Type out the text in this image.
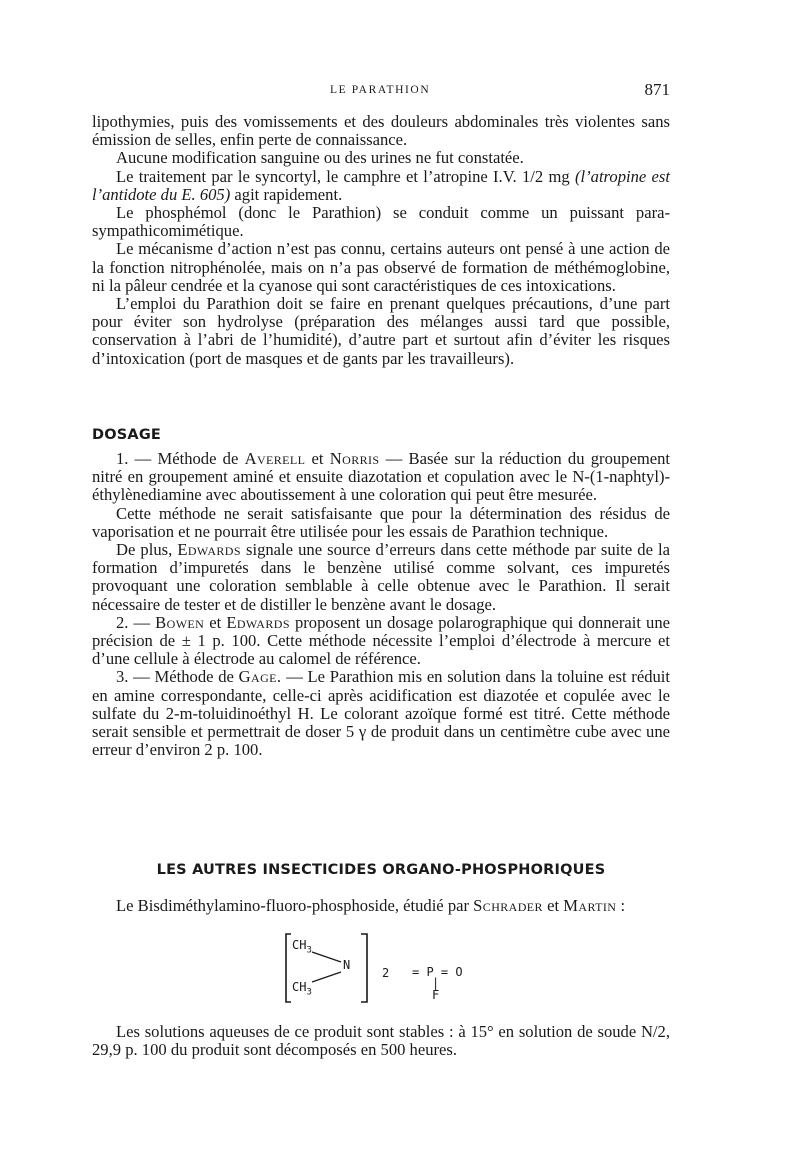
LE PARATHION	871

lipothymies, puis des vomissements et des douleurs abdominales très violentes sans émission de selles, enfin perte de connaissance.

Aucune modification sanguine ou des urines ne fut constatée.

Le traitement par le syncortyl, le camphre et l’atropine I.V. 1/2 mg (l’atropine est l’antidote du E. 605) agit rapidement.

Le phosphémol (donc le Parathion) se conduit comme un puissant para-sympathicomimétique.

Le mécanisme d’action n’est pas connu, certains auteurs ont pensé à une action de la fonction nitrophénolée, mais on n’a pas observé de formation de méthémoglobine, ni la pâleur cendrée et la cyanose qui sont caractéristiques de ces intoxications.

L’emploi du Parathion doit se faire en prenant quelques précautions, d’une part pour éviter son hydrolyse (préparation des mélanges aussi tard que possible, conservation à l’abri de l’humidité), d’autre part et surtout afin d’éviter les risques d’intoxication (port de masques et de gants par les travailleurs).

DOSAGE

1. — Méthode de Averell et Norris — Basée sur la réduction du groupement nitré en groupement aminé et ensuite diazotation et copulation avec le N-(1-naphtyl)-éthylènediamine avec aboutissement à une coloration qui peut être mesurée.

Cette méthode ne serait satisfaisante que pour la détermination des résidus de vaporisation et ne pourrait être utilisée pour les essais de Parathion technique.

De plus, Edwards signale une source d’erreurs dans cette méthode par suite de la formation d’impuretés dans le benzène utilisé comme solvant, ces impuretés provoquant une coloration semblable à celle obtenue avec le Parathion. Il serait nécessaire de tester et de distiller le benzène avant le dosage.

2. — Bowen et Edwards proposent un dosage polarographique qui donnerait une précision de ± 1 p. 100. Cette méthode nécessite l’emploi d’électrode à mercure et d’une cellule à électrode au calomel de référence.

3. — Méthode de Gage. — Le Parathion mis en solution dans la toluine est réduit en amine correspondante, celle-ci après acidification est diazotée et copulée avec le sulfate du 2-m-toluidinoéthyl H. Le colorant azoïque formé est titré. Cette méthode serait sensible et permettrait de doser 5 γ de produit dans un centimètre cube avec une erreur d’environ 2 p. 100.

LES AUTRES INSECTICIDES ORGANO-PHOSPHORIQUES

Le Bisdiméthylamino-fluoro-phosphoside, étudié par Schrader et Martin :

$CH_3$
$CH_3$
N
2 = P = O
|
F

Les solutions aqueuses de ce produit sont stables : à 15° en solution de soude N/2, 29,9 p. 100 du produit sont décomposés en 500 heures.
